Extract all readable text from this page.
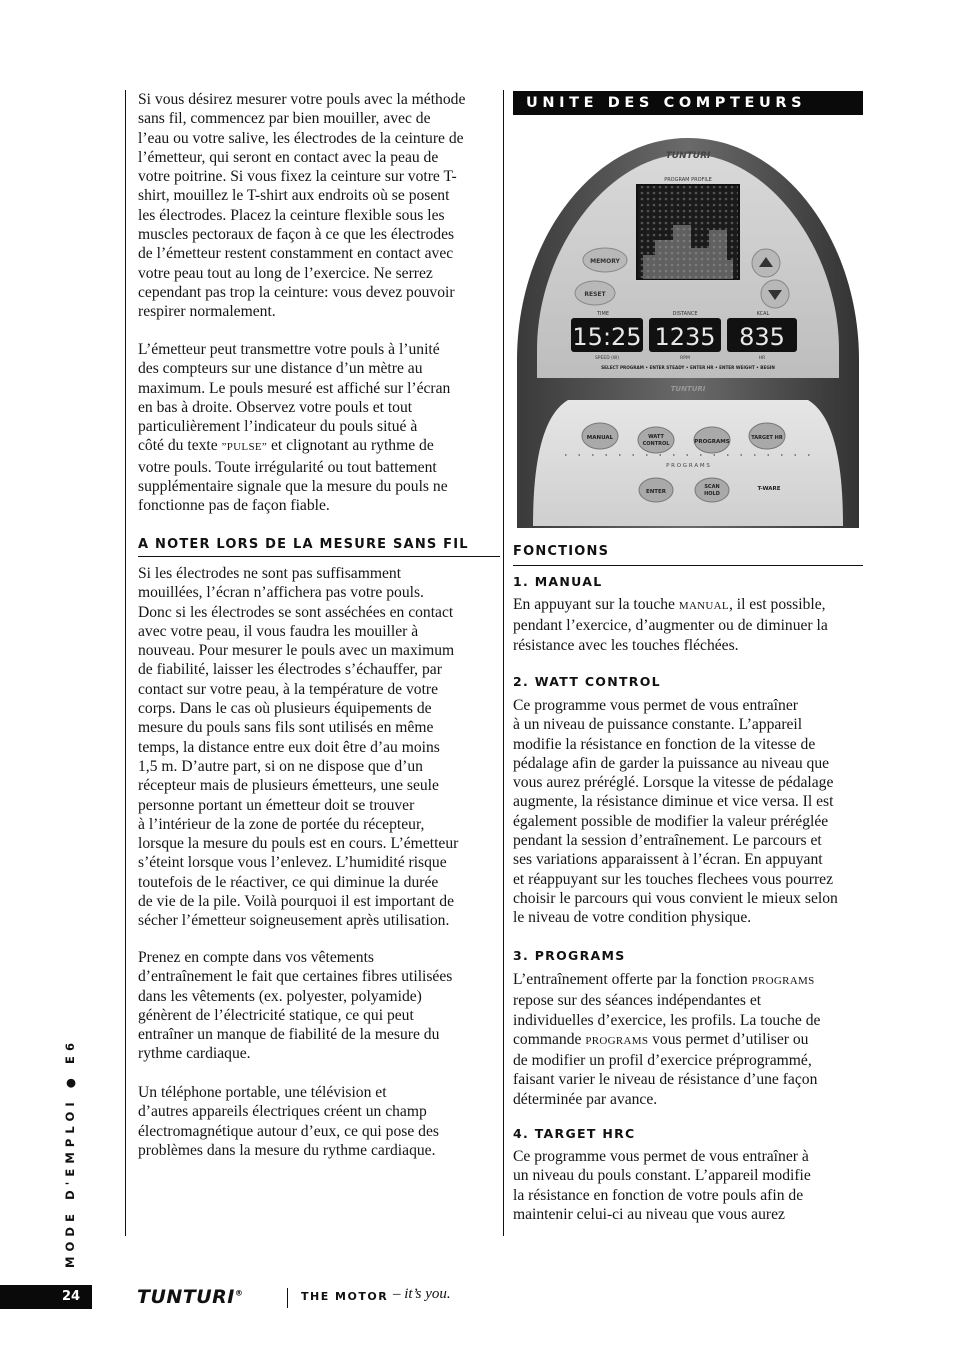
Si vous désirez mesurer votre pouls avec la méthode
sans fil, commencez par bien mouiller, avec de
l’eau ou votre salive, les électrodes de la ceinture de
l’émetteur, qui seront en contact avec la peau de
votre poitrine. Si vous fixez la ceinture sur votre T-
shirt, mouillez le T-shirt aux endroits où se posent
les électrodes. Placez la ceinture flexible sous les
muscles pectoraux de façon à ce que les électrodes
de l’émetteur restent constamment en contact avec
votre peau tout au long de l’exercice. Ne serrez
cependant pas trop la ceinture: vous devez pouvoir
respirer normalement.

L’émetteur peut transmettre votre pouls à l’unité
des compteurs sur une distance d’un mètre au
maximum. Le pouls mesuré est affiché sur l’écran
en bas à droite. Observez votre pouls et tout
particulièrement l’indicateur du pouls situé à
côté du texte ”PULSE” et clignotant au rythme de
votre pouls. Toute irrégularité ou tout battement
supplémentaire signale que la mesure du pouls ne
fonctionne pas de façon fiable.

A NOTER LORS DE LA MESURE SANS FIL

Si les électrodes ne sont pas suffisamment
mouillées, l’écran n’affichera pas votre pouls.
Donc si les électrodes se sont asséchées en contact
avec votre peau, il vous faudra les mouiller à
nouveau. Pour mesurer le pouls avec un maximum
de fiabilité, laisser les électrodes s’échauffer, par
contact sur votre peau, à la température de votre
corps. Dans le cas où plusieurs équipements de
mesure du pouls sans fils sont utilisés en même
temps, la distance entre eux doit être d’au moins
1,5 m. D’autre part, si on ne dispose que d’un
récepteur mais de plusieurs émetteurs, une seule
personne portant un émetteur doit se trouver
à l’intérieur de la zone de portée du récepteur,
lorsque la mesure du pouls est en cours. L’émetteur
s’éteint lorsque vous l’enlevez. L’humidité risque
toutefois de le réactiver, ce qui diminue la durée
de vie de la pile. Voilà pourquoi il est important de
sécher l’émetteur soigneusement après utilisation.

Prenez en compte dans vos vêtements
d’entraînement le fait que certaines fibres utilisées
dans les vêtements (ex. polyester, polyamide)
génèrent de l’électricité statique, ce qui peut
entraîner un manque de fiabilité de la mesure du
rythme cardiaque.

Un téléphone portable, une télévision et
d’autres appareils électriques créent un champ
électromagnétique autour d’eux, ce qui pose des
problèmes dans la mesure du rythme cardiaque.

UNITE DES COMPTEURS
TUNTURI
PROGRAM PROFILE
MEMORY
RESET
TIME	DISTANCE	KCAL
15:25 1235 835
SPEED (W)	RPM	HR
SELECT PROGRAM • ENTER STEADY • ENTER HR • ENTER WEIGHT • BEGIN
TUNTURI
MANUAL	WATT
CONTROL	PROGRAMS
TARGET HR
P R O G R A M S
ENTER
SCAN
HOLD
T-WARE
FONCTIONS
1. MANUAL

En appuyant sur la touche MANUAL, il est possible,
pendant l’exercice, d’augmenter ou de diminuer la
résistance avec les touches fléchées.

2. WATT CONTROL

Ce programme vous permet de vous entraîner
à un niveau de puissance constante. L’appareil
modifie la résistance en fonction de la vitesse de
pédalage afin de garder la puissance au niveau que
vous aurez préréglé. Lorsque la vitesse de pédalage
augmente, la résistance diminue et vice versa. Il est
également possible de modifier la valeur préréglée
pendant la session d’entraînement. Le parcours et
ses variations apparaissent à l’écran. En appuyant
et réappuyant sur les touches flechees vous pourrez
choisir le parcours qui vous convient le mieux selon
le niveau de votre condition physique.

3. PROGRAMS

L’entraînement offerte par la fonction PROGRAMS
repose sur des séances indépendantes et
individuelles d’exercice, les profils. La touche de
commande PROGRAMS vous permet d’utiliser ou
de modifier un profil d’exercice préprogrammé,
faisant varier le niveau de résistance d’une façon
déterminée par avance.

4. TARGET HRC

Ce programme vous permet de vous entraîner à
un niveau du pouls constant. L’appareil modifie
la résistance en fonction de votre pouls afin de
maintenir celui-ci au niveau que vous aurez

MODE D'EMPLOI ● E6
24	TUNTURI®	THE MOTOR – it’s you.
